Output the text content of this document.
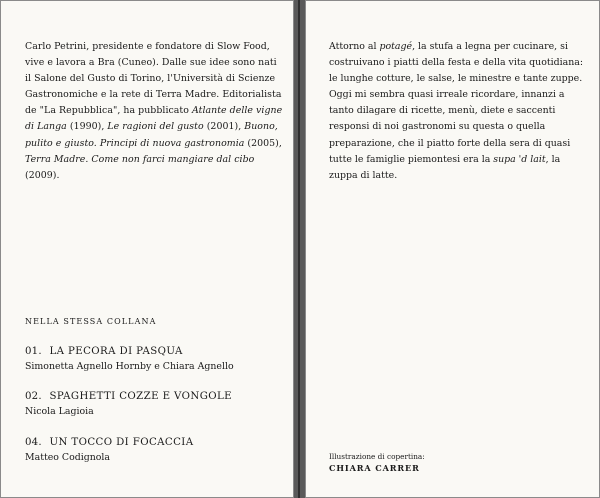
Carlo Petrini, presidente e fondatore di Slow Food, vive e lavora a Bra (Cuneo). Dalle sue idee sono nati il Salone del Gusto di Torino, l'Università di Scienze Gastronomiche e la rete di Terra Madre. Editorialista de "La Repubblica", ha pubblicato Atlante delle vigne di Langa (1990), Le ragioni del gusto (2001), Buono, pulito e giusto. Principi di nuova gastronomia (2005), Terra Madre. Come non farci mangiare dal cibo (2009).

NELLA STESSA COLLANA
01. LA PECORA DI PASQUA
Simonetta Agnello Hornby e Chiara Agnello
02. SPAGHETTI COZZE E VONGOLE
Nicola Lagioia
04. UN TOCCO DI FOCACCIA
Matteo Codignola

Attorno al potagé, la stufa a legna per cucinare, si costruivano i piatti della festa e della vita quotidiana: le lunghe cotture, le salse, le minestre e tante zuppe. Oggi mi sembra quasi irreale ricordare, innanzi a tanto dilagare di ricette, menù, diete e saccenti responsi di noi gastronomi su questa o quella preparazione, che il piatto forte della sera di quasi tutte le famiglie piemontesi era la supa 'd lait, la zuppa di latte.

Illustrazione di copertina:
CHIARA CARRER
